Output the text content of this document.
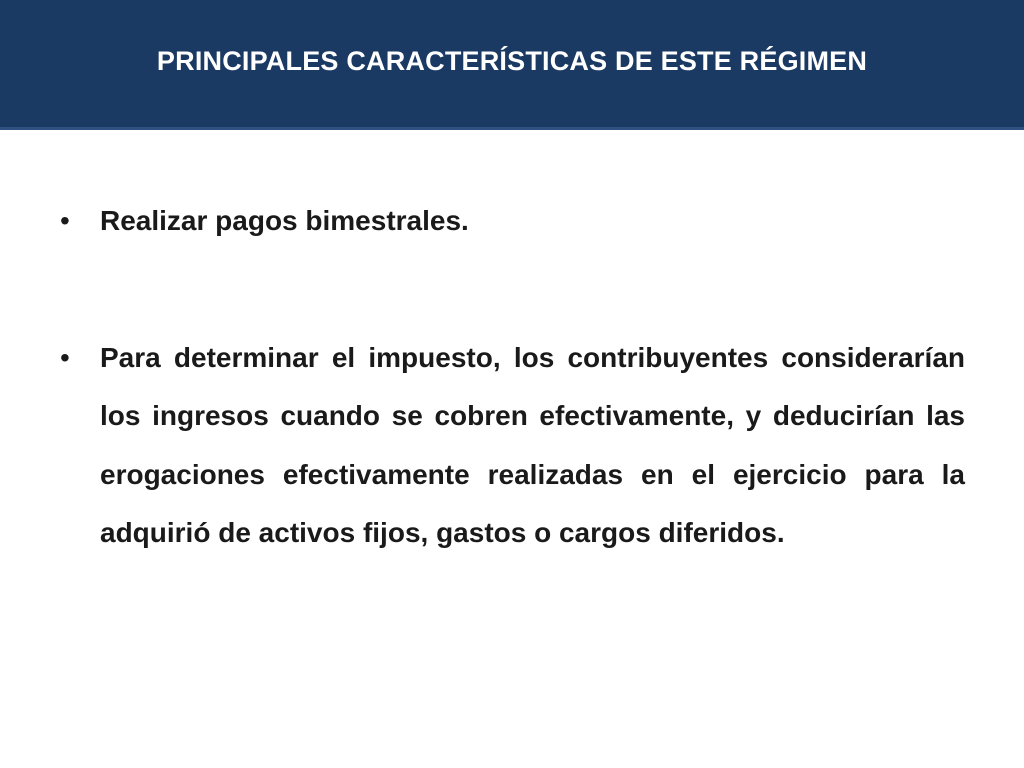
PRINCIPALES CARACTERÍSTICAS DE ESTE RÉGIMEN
• Realizar pagos bimestrales.
• Para determinar el impuesto, los contribuyentes considerarían los ingresos cuando se cobren efectivamente, y deducirían las erogaciones efectivamente realizadas en el ejercicio para la adquirió de activos fijos, gastos o cargos diferidos.
